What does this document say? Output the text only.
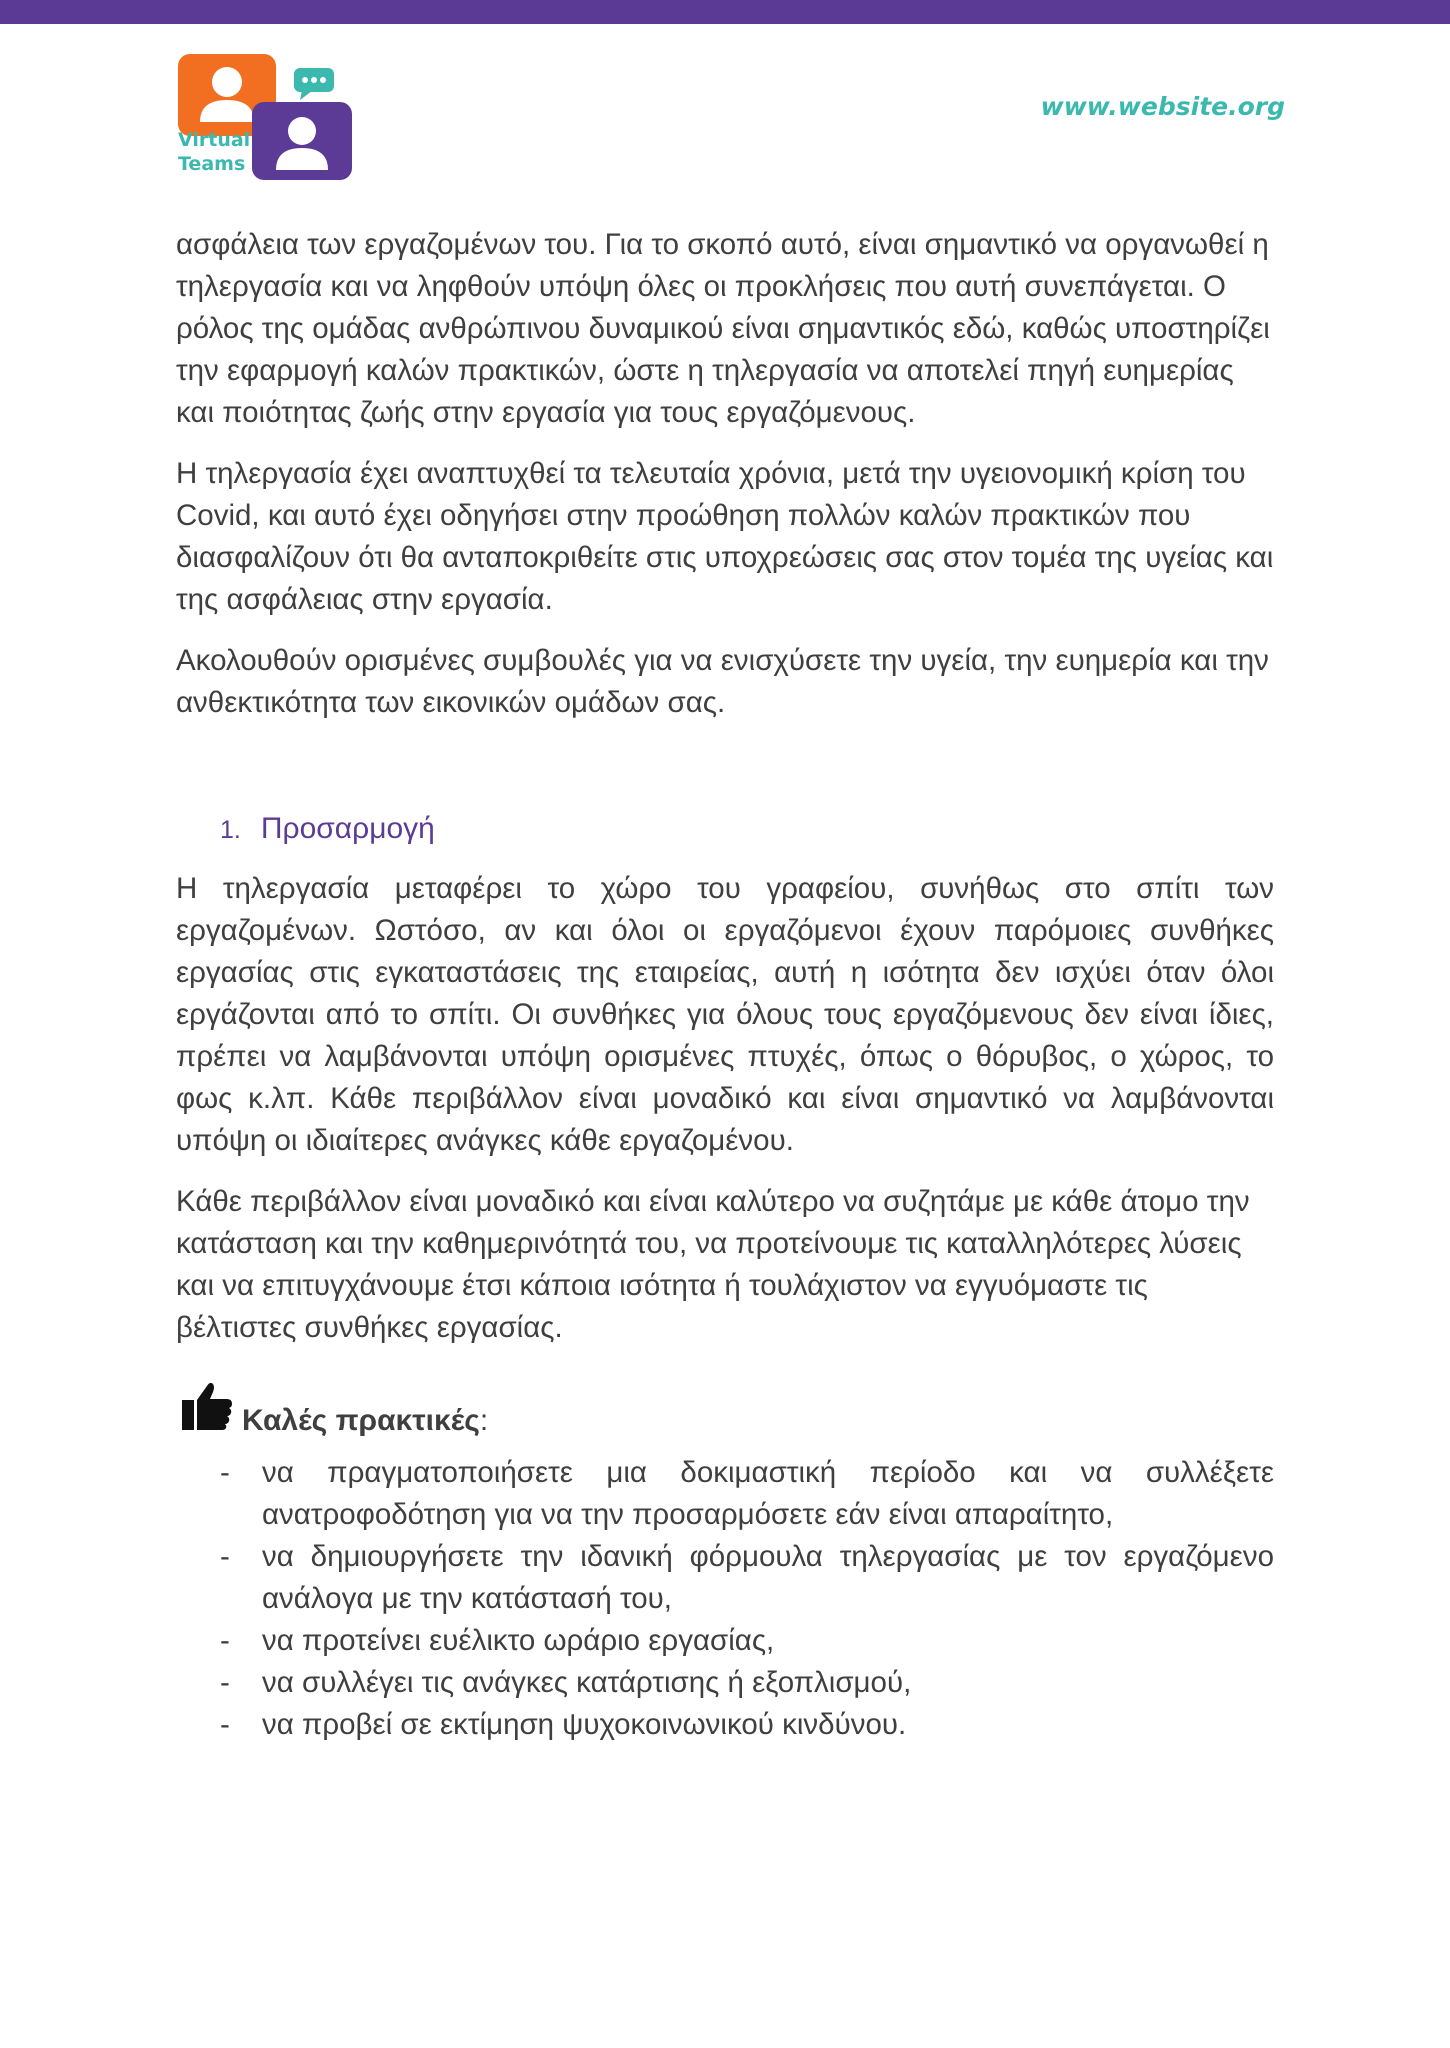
Virtual
Teams
www.website.org

ασφάλεια των εργαζομένων του. Για το σκοπό αυτό, είναι σημαντικό να οργανωθεί η τηλεργασία και να ληφθούν υπόψη όλες οι προκλήσεις που αυτή συνεπάγεται. Ο ρόλος της ομάδας ανθρώπινου δυναμικού είναι σημαντικός εδώ, καθώς υποστηρίζει την εφαρμογή καλών πρακτικών, ώστε η τηλεργασία να αποτελεί πηγή ευημερίας και ποιότητας ζωής στην εργασία για τους εργαζόμενους.

Η τηλεργασία έχει αναπτυχθεί τα τελευταία χρόνια, μετά την υγειονομική κρίση του Covid, και αυτό έχει οδηγήσει στην προώθηση πολλών καλών πρακτικών που διασφαλίζουν ότι θα ανταποκριθείτε στις υποχρεώσεις σας στον τομέα της υγείας και της ασφάλειας στην εργασία.

Ακολουθούν ορισμένες συμβουλές για να ενισχύσετε την υγεία, την ευημερία και την ανθεκτικότητα των εικονικών ομάδων σας.

1. Προσαρμογή

Η τηλεργασία μεταφέρει το χώρο του γραφείου, συνήθως στο σπίτι των εργαζομένων. Ωστόσο, αν και όλοι οι εργαζόμενοι έχουν παρόμοιες συνθήκες εργασίας στις εγκαταστάσεις της εταιρείας, αυτή η ισότητα δεν ισχύει όταν όλοι εργάζονται από το σπίτι. Οι συνθήκες για όλους τους εργαζόμενους δεν είναι ίδιες, πρέπει να λαμβάνονται υπόψη ορισμένες πτυχές, όπως ο θόρυβος, ο χώρος, το φως κ.λπ. Κάθε περιβάλλον είναι μοναδικό και είναι σημαντικό να λαμβάνονται υπόψη οι ιδιαίτερες ανάγκες κάθε εργαζομένου.

Κάθε περιβάλλον είναι μοναδικό και είναι καλύτερο να συζητάμε με κάθε άτομο την κατάσταση και την καθημερινότητά του, να προτείνουμε τις καταλληλότερες λύσεις και να επιτυγχάνουμε έτσι κάποια ισότητα ή τουλάχιστον να εγγυόμαστε τις βέλτιστες συνθήκες εργασίας.

Καλές πρακτικές :
- να πραγματοποιήσετε μια δοκιμαστική περίοδο και να συλλέξετε ανατροφοδότηση για να την προσαρμόσετε εάν είναι απαραίτητο,
- να δημιουργήσετε την ιδανική φόρμουλα τηλεργασίας με τον εργαζόμενο ανάλογα με την κατάστασή του,
- να προτείνει ευέλικτο ωράριο εργασίας,
- να συλλέγει τις ανάγκες κατάρτισης ή εξοπλισμού,
- να προβεί σε εκτίμηση ψυχοκοινωνικού κινδύνου.
